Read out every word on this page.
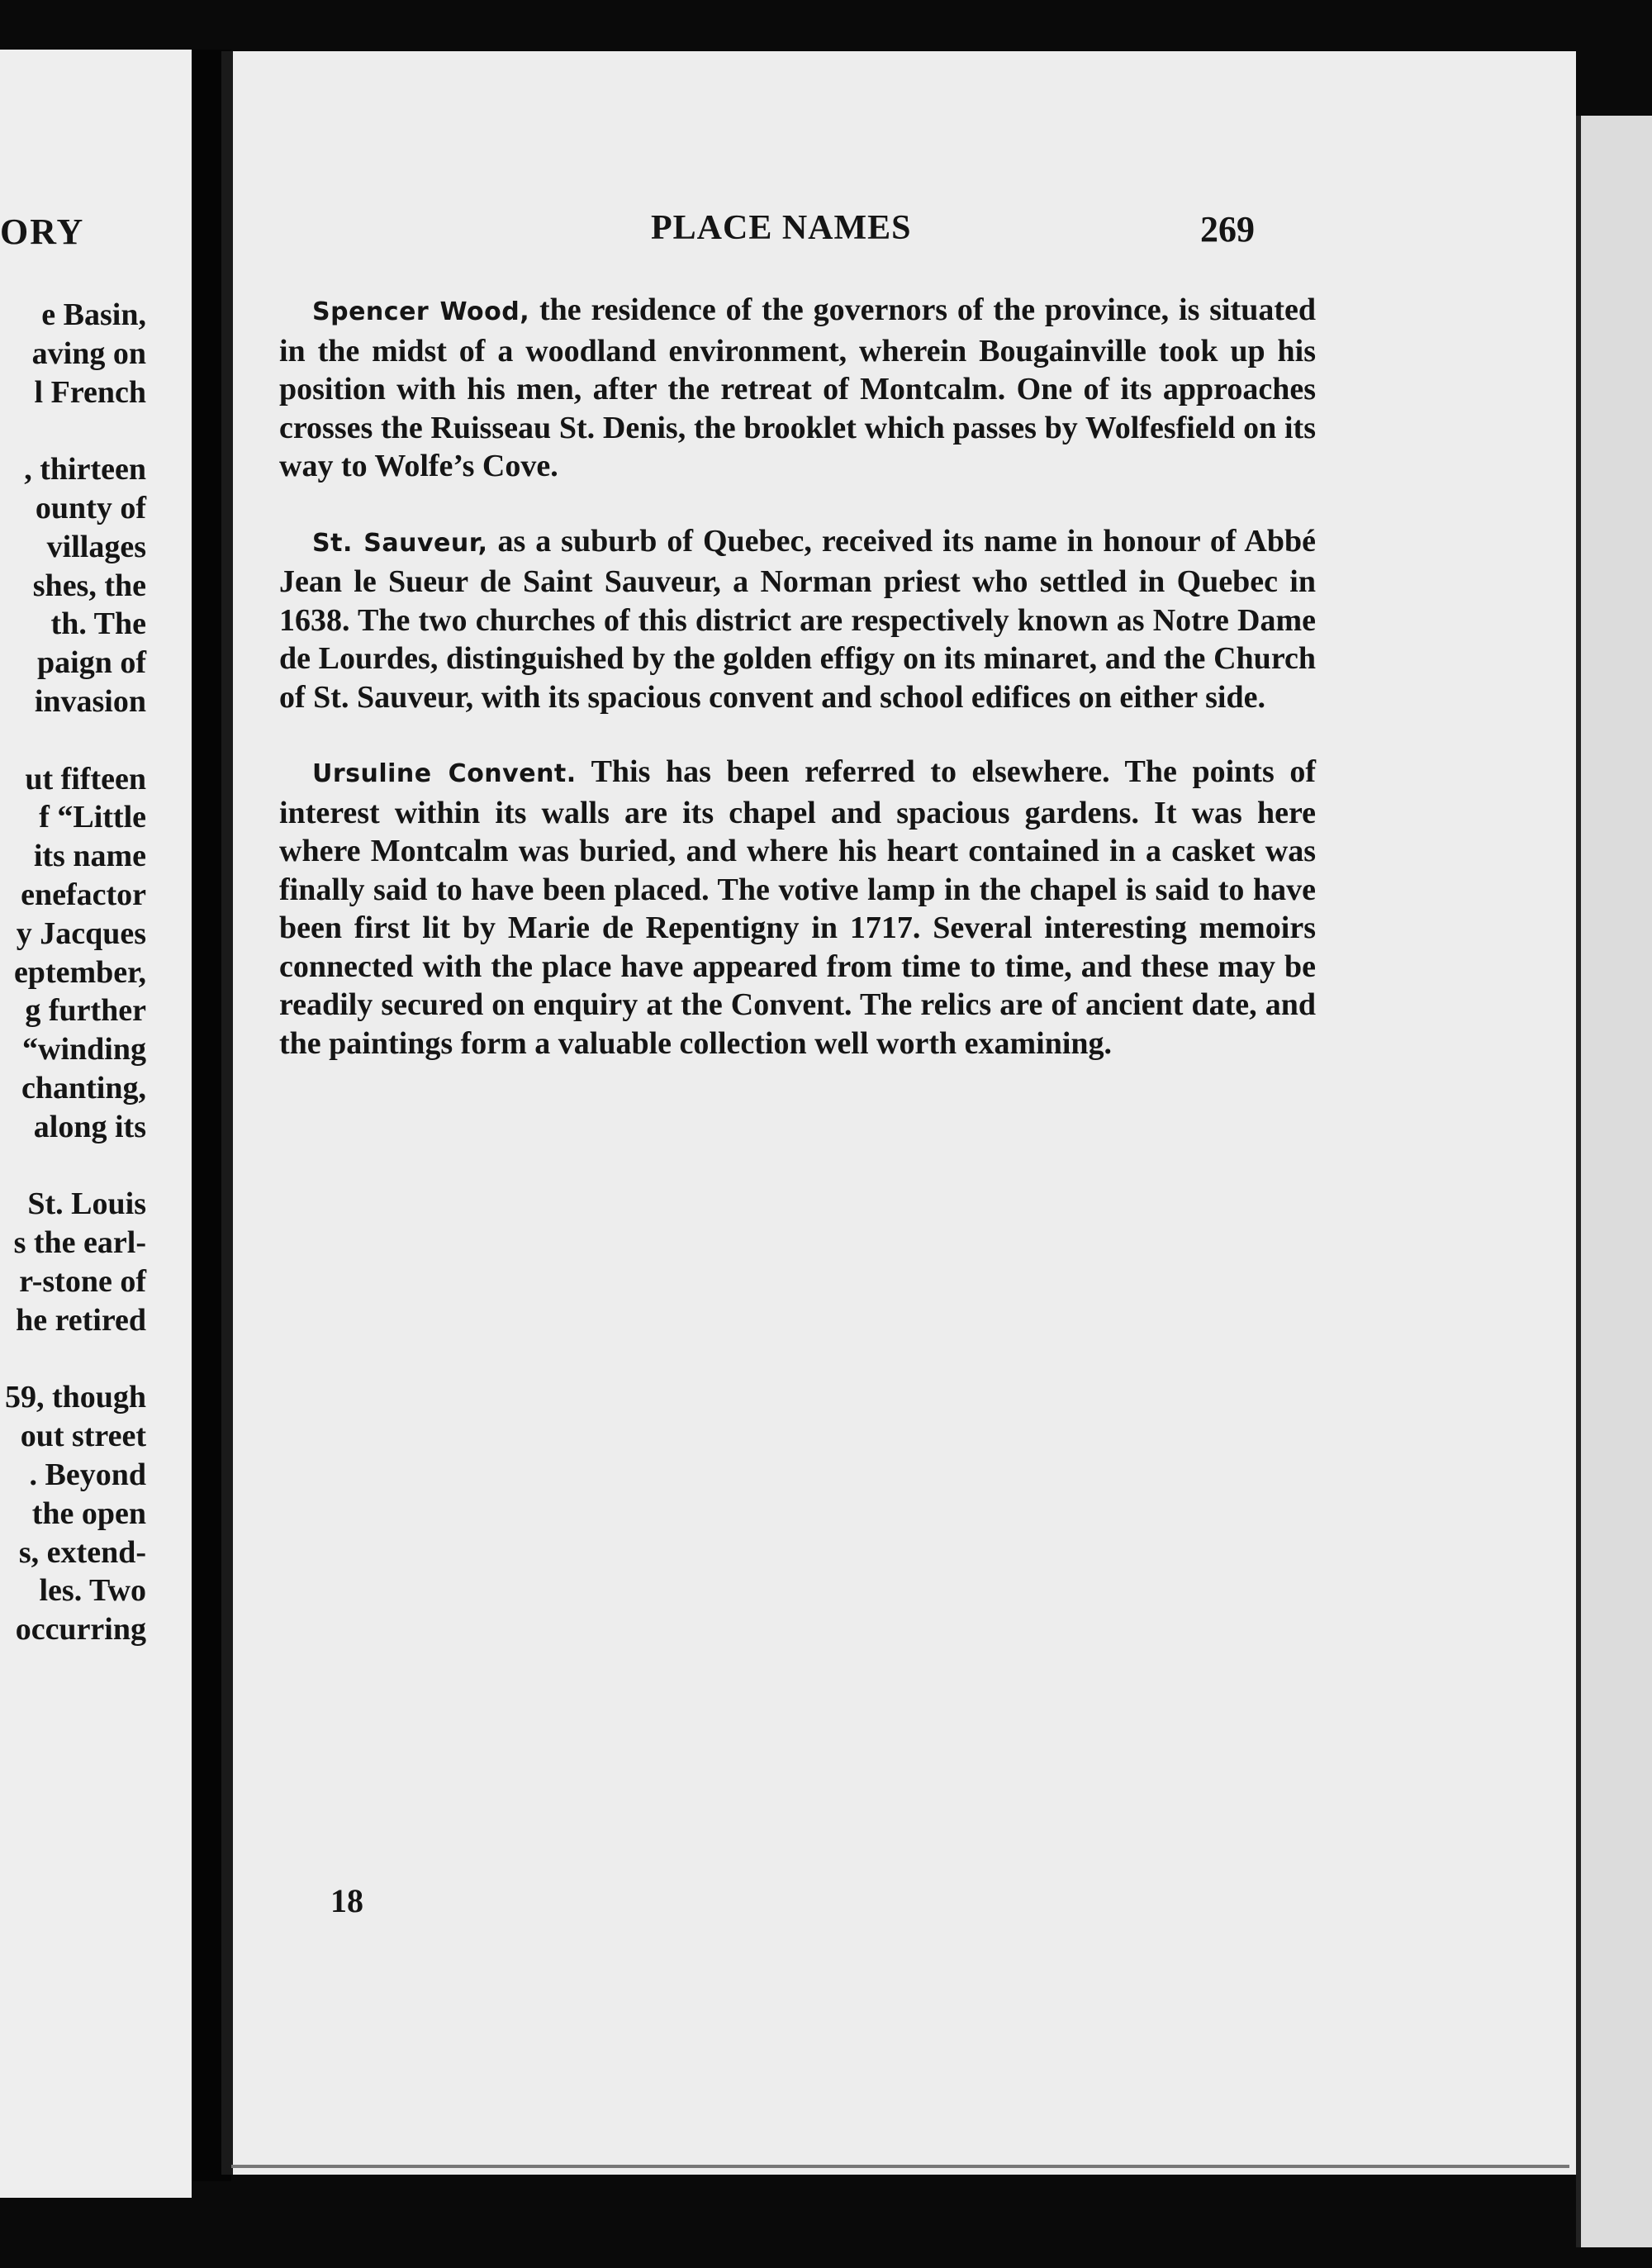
ORY
e Basin,
aving on
l French
, thirteen
ounty of
villages
shes, the
th. The
paign of
invasion
ut fifteen
f “Little
its name
enefactor
y Jacques
eptember,
g further
“winding
chanting,
along its
St. Louis
s the earl-
r-stone of
he retired
59, though
out street
. Beyond
the open
s, extend-
les. Two
occurring
PLACE NAMES	269

Spencer Wood, the residence of the governors of the province, is situated in the midst of a woodland environment, wherein Bougainville took up his position with his men, after the retreat of Montcalm. One of its approaches crosses the Ruisseau St. Denis, the brooklet which passes by Wolfesfield on its way to Wolfe’s Cove.

St. Sauveur, as a suburb of Quebec, received its name in honour of Abbé Jean le Sueur de Saint Sauveur, a Norman priest who settled in Quebec in 1638. The two churches of this district are respectively known as Notre Dame de Lourdes, distinguished by the golden effigy on its minaret, and the Church of St. Sauveur, with its spacious convent and school edifices on either side.

Ursuline Convent. This has been referred to elsewhere. The points of interest within its walls are its chapel and spacious gardens. It was here where Montcalm was buried, and where his heart contained in a casket was finally said to have been placed. The votive lamp in the chapel is said to have been first lit by Marie de Repentigny in 1717. Several interesting memoirs connected with the place have appeared from time to time, and these may be readily secured on enquiry at the Convent. The relics are of ancient date, and the paintings form a valuable collection well worth examining.

18
